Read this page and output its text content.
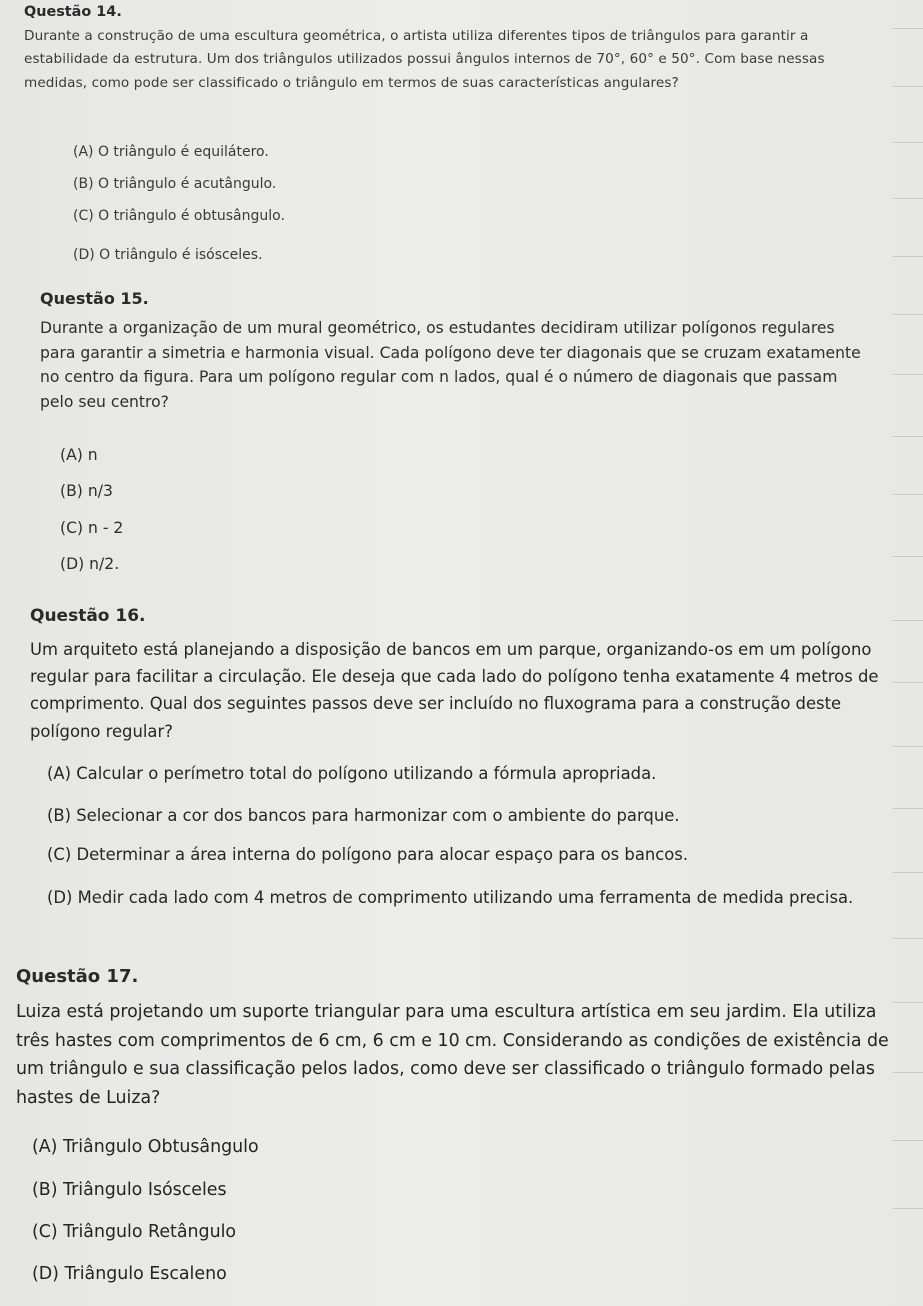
Questão 14.

Durante a construção de uma escultura geométrica, o artista utiliza diferentes tipos de triângulos para garantir a estabilidade da estrutura. Um dos triângulos utilizados possui ângulos internos de 70°, 60° e 50°. Com base nessas medidas, como pode ser classificado o triângulo em termos de suas características angulares?

(A) O triângulo é equilátero.
(B) O triângulo é acutângulo.
(C) O triângulo é obtusângulo.
(D) O triângulo é isósceles.
Questão 15.

Durante a organização de um mural geométrico, os estudantes decidiram utilizar polígonos regulares para garantir a simetria e harmonia visual. Cada polígono deve ter diagonais que se cruzam exatamente no centro da figura. Para um polígono regular com n lados, qual é o número de diagonais que passam pelo seu centro?

(A) n
(B) n/3
(C) n - 2
(D) n/2.
Questão 16.

Um arquiteto está planejando a disposição de bancos em um parque, organizando-os em um polígono regular para facilitar a circulação. Ele deseja que cada lado do polígono tenha exatamente 4 metros de comprimento. Qual dos seguintes passos deve ser incluído no fluxograma para a construção deste polígono regular?

(A) Calcular o perímetro total do polígono utilizando a fórmula apropriada.
(B) Selecionar a cor dos bancos para harmonizar com o ambiente do parque.
(C) Determinar a área interna do polígono para alocar espaço para os bancos.
(D) Medir cada lado com 4 metros de comprimento utilizando uma ferramenta de medida precisa.
Questão 17.

Luiza está projetando um suporte triangular para uma escultura artística em seu jardim. Ela utiliza três hastes com comprimentos de 6 cm, 6 cm e 10 cm. Considerando as condições de existência de um triângulo e sua classificação pelos lados, como deve ser classificado o triângulo formado pelas hastes de Luiza?

(A) Triângulo Obtusângulo
(B) Triângulo Isósceles
(C) Triângulo Retângulo
(D) Triângulo Escaleno
